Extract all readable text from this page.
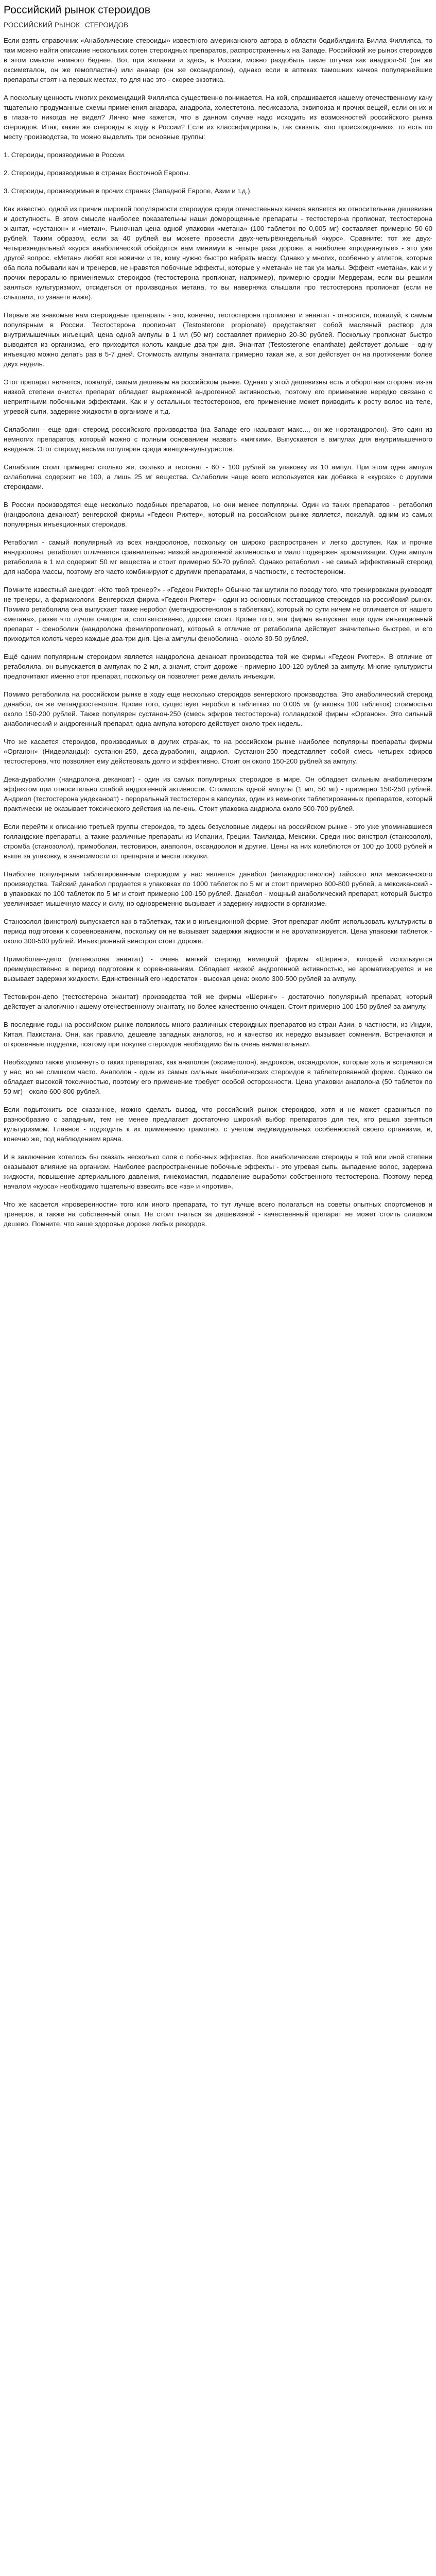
Российский рынок стероидов
РОССИЙСКИЙ РЫНОК СТЕРОИДОВ

Если взять справочник «Анаболические стероиды» известного американского автора в области бодибилдинга Билла Филлипса, то там можно найти описание нескольких сотен стероидных препаратов, распространенных на Западе. Российский же рынок стероидов в этом смысле намного беднее. Вот, при желании и здесь, в России, можно раздобыть такие штучки как анадрол-50 (он же оксиметалон, он же гемопластин) или анавар (он же оксандролон), однако если в аптеках тамошних качков популярнейшие препараты стоят на первых местах, то для нас это - скорее экзотика.

А поскольку ценность многих рекомендаций Филлипса существенно понижается. На кой, спрашивается нашему отечественному качу тщательно продуманные схемы применения анавара, анадрола, холестетона, песиксазола, эквипоиза и прочих вещей, если он их и в глаза-то никогда не видел? Лично мне кажется, что в данном случае надо исходить из возможностей российского рынка стероидов. Итак, какие же стероиды в ходу в России? Если их классифицировать, так сказать, «по происхождению», то есть по месту производства, то можно выделить три основные группы:

1. Стероиды, производимые в России.

2. Стероиды, производимые в странах Восточной Европы.

3. Стероиды, производимые в прочих странах (Западной Европе, Азии и т.д.).

Как известно, одной из причин широкой популярности стероидов среди отечественных качков является их относительная дешевизна и доступность. В этом смысле наиболее показательны наши доморощенные препараты - тестостерона пропионат, тестостерона энантат, «сустанон» и «метан». Рыночная цена одной упаковки «метана» (100 таблеток по 0,005 мг) составляет примерно 50-60 рублей. Таким образом, если за 40 рублей вы можете провести двух-четырёхнедельный «курс». Сравните: тот же двух-четырёхнедельный «курс» анаболической обойдётся вам минимум в четыре раза дороже, а наиболее «продвинутые» - это уже другой вопрос. «Метан» любят все новички и те, кому нужно быстро набрать массу. Однако у многих, особенно у атлетов, которые оба пола побывали кач и тренеров, не нравятся побочные эффекты, которые у «метана» не так уж малы. Эффект «метана», как и у прочих перорально применяемых стероидов (тестостерона пропионат, например), примерно сродни Мердерам, если вы решили заняться культуризмом, отсидеться от производных метана, то вы наверняка слышали про тестостерона пропионат (если не слышали, то узнаете ниже).

Первые же знакомые нам стероидные препараты - это, конечно, тестостерона пропионат и энантат - относятся, пожалуй, к самым популярным в России. Тестостерона пропионат (Testosterone propionate) представляет собой масляный раствор для внутримышечных инъекций, цена одной ампулы в 1 мл (50 мг) составляет примерно 20-30 рублей. Поскольку пропионат быстро выводится из организма, его приходится колоть каждые два-три дня. Энантат (Testosterone enanthate) действует дольше - одну инъекцию можно делать раз в 5-7 дней. Стоимость ампулы энантата примерно такая же, а вот действует он на протяжении более двух недель.

Этот препарат является, пожалуй, самым дешевым на российском рынке. Однако у этой дешевизны есть и оборотная сторона: из-за низкой степени очистки препарат обладает выраженной андрогенной активностью, поэтому его применение нередко связано с неприятными побочными эффектами. Как и у остальных тестостеронов, его применение может приводить к росту волос на теле, угревой сыпи, задержке жидкости в организме и т.д.

Силаболин - еще один стероид российского производства (на Западе его называют макс..., он же норэтандролон). Это один из немногих препаратов, который можно с полным основанием назвать «мягким». Выпускается в ампулах для внутримышечного введения. Этот стероид весьма популярен среди женщин-культуристов.

Силаболин стоит примерно столько же, сколько и тестонат - 60 - 100 рублей за упаковку из 10 ампул. При этом одна ампула силаболина содержит не 100, а лишь 25 мг вещества. Силаболин чаще всего используется как добавка в «курсах» с другими стероидами.

В России производятся еще несколько подобных препаратов, но они менее популярны. Один из таких препаратов - ретаболил (нандролона деканоат) венгерской фирмы «Гедеон Рихтер», который на российском рынке является, пожалуй, одним из самых популярных инъекционных стероидов.

Ретаболил - самый популярный из всех нандролонов, поскольку он широко распространен и легко доступен. Как и прочие нандролоны, ретаболил отличается сравнительно низкой андрогенной активностью и мало подвержен ароматизации. Одна ампула ретаболила в 1 мл содержит 50 мг вещества и стоит примерно 50-70 рублей. Однако ретаболил - не самый эффективный стероид для набора массы, поэтому его часто комбинируют с другими препаратами, в частности, с тестостероном.

Помните известный анекдот: «Кто твой тренер?» - «Гедеон Рихтер!» Обычно так шутили по поводу того, что тренировками руководят не тренеры, а фармакологи. Венгерская фирма «Гедеон Рихтер» - один из основных поставщиков стероидов на российский рынок. Помимо ретаболила она выпускает также неробол (метандростенолон в таблетках), который по сути ничем не отличается от нашего «метана», разве что лучше очищен и, соответственно, дороже стоит. Кроме того, эта фирма выпускает ещё один инъекционный препарат - феноболин (нандролона фенилпропионат), который в отличие от ретаболила действует значительно быстрее, и его приходится колоть через каждые два-три дня. Цена ампулы феноболина - около 30-50 рублей.

Ещё одним популярным стероидом является нандролона деканоат производства той же фирмы «Гедеон Рихтер». В отличие от ретаболила, он выпускается в ампулах по 2 мл, а значит, стоит дороже - примерно 100-120 рублей за ампулу. Многие культуристы предпочитают именно этот препарат, поскольку он позволяет реже делать инъекции.

Помимо ретаболила на российском рынке в ходу еще несколько стероидов венгерского производства. Это анаболический стероид данабол, он же метандростенолон. Кроме того, существует неробол в таблетках по 0,005 мг (упаковка 100 таблеток) стоимостью около 150-200 рублей. Также популярен сустанон-250 (смесь эфиров тестостерона) голландской фирмы «Органон». Это сильный анаболический и андрогенный препарат, одна ампула которого действует около трех недель.

Что же касается стероидов, производимых в других странах, то на российском рынке наиболее популярны препараты фирмы «Органон» (Нидерланды): сустанон-250, деca-дураболин, андриол. Сустанон-250 представляет собой смесь четырех эфиров тестостерона, что позволяет ему действовать долго и эффективно. Стоит он около 150-200 рублей за ампулу.

Дека-дураболин (нандролона деканоат) - один из самых популярных стероидов в мире. Он обладает сильным анаболическим эффектом при относительно слабой андрогенной активности. Стоимость одной ампулы (1 мл, 50 мг) - примерно 150-250 рублей. Андриол (тестостерона ундеканоат) - пероральный тестостерон в капсулах, один из немногих таблетированных препаратов, который практически не оказывает токсического действия на печень. Стоит упаковка андриола около 500-700 рублей.

Если перейти к описанию третьей группы стероидов, то здесь безусловные лидеры на российском рынке - это уже упоминавшиеся голландские препараты, а также различные препараты из Испании, Греции, Таиланда, Мексики. Среди них: винстрол (станозолол), стромба (станозолол), примоболан, тестовирон, анаполон, оксандролон и другие. Цены на них колеблются от 100 до 1000 рублей и выше за упаковку, в зависимости от препарата и места покупки.

Наиболее популярным таблетированным стероидом у нас является данабол (метандростенолон) тайского или мексиканского производства. Тайский данабол продается в упаковках по 1000 таблеток по 5 мг и стоит примерно 600-800 рублей, а мексиканский - в упаковках по 100 таблеток по 5 мг и стоит примерно 100-150 рублей. Данабол - мощный анаболический препарат, который быстро увеличивает мышечную массу и силу, но одновременно вызывает и задержку жидкости в организме.

Станозолол (винстрол) выпускается как в таблетках, так и в инъекционной форме. Этот препарат любят использовать культуристы в период подготовки к соревнованиям, поскольку он не вызывает задержки жидкости и не ароматизируется. Цена упаковки таблеток - около 300-500 рублей. Инъекционный винстрол стоит дороже.

Примоболан-депо (метенолона энантат) - очень мягкий стероид немецкой фирмы «Шеринг», который используется преимущественно в период подготовки к соревнованиям. Обладает низкой андрогенной активностью, не ароматизируется и не вызывает задержки жидкости. Единственный его недостаток - высокая цена: около 300-500 рублей за ампулу.

Тестовирон-депо (тестостерона энантат) производства той же фирмы «Шеринг» - достаточно популярный препарат, который действует аналогично нашему отечественному энантату, но более качественно очищен. Стоит примерно 100-150 рублей за ампулу.

В последние годы на российском рынке появилось много различных стероидных препаратов из стран Азии, в частности, из Индии, Китая, Пакистана. Они, как правило, дешевле западных аналогов, но и качество их нередко вызывает сомнения. Встречаются и откровенные подделки, поэтому при покупке стероидов необходимо быть очень внимательным.

Необходимо также упомянуть о таких препаратах, как анаполон (оксиметолон), андроксон, оксандролон, которые хоть и встречаются у нас, но не слишком часто. Анаполон - один из самых сильных анаболических стероидов в таблетированной форме. Однако он обладает высокой токсичностью, поэтому его применение требует особой осторожности. Цена упаковки анаполона (50 таблеток по 50 мг) - около 600-800 рублей.

Если подытожить все сказанное, можно сделать вывод, что российский рынок стероидов, хотя и не может сравниться по разнообразию с западным, тем не менее предлагает достаточно широкий выбор препаратов для тех, кто решил заняться культуризмом. Главное - подходить к их применению грамотно, с учетом индивидуальных особенностей своего организма, и, конечно же, под наблюдением врача.

И в заключение хотелось бы сказать несколько слов о побочных эффектах. Все анаболические стероиды в той или иной степени оказывают влияние на организм. Наиболее распространенные побочные эффекты - это угревая сыпь, выпадение волос, задержка жидкости, повышение артериального давления, гинекомастия, подавление выработки собственного тестостерона. Поэтому перед началом «курса» необходимо тщательно взвесить все «за» и «против».

Что же касается «проверенности» того или иного препарата, то тут лучше всего полагаться на советы опытных спортсменов и тренеров, а также на собственный опыт. Не стоит гнаться за дешевизной - качественный препарат не может стоить слишком дешево. Помните, что ваше здоровье дороже любых рекордов.
